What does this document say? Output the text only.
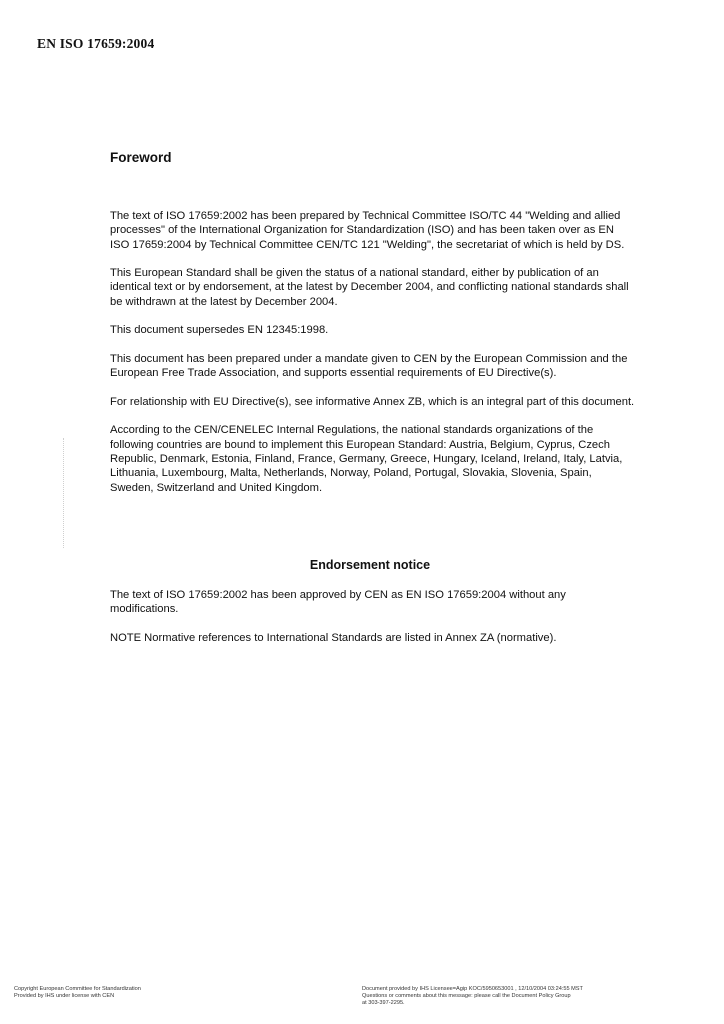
EN ISO 17659:2004
Foreword

The text of ISO 17659:2002 has been prepared by Technical Committee ISO/TC 44 "Welding and allied processes" of the International Organization for Standardization (ISO) and has been taken over as EN ISO 17659:2004 by Technical Committee CEN/TC 121 "Welding", the secretariat of which is held by DS.

This European Standard shall be given the status of a national standard, either by publication of an identical text or by endorsement, at the latest by December 2004, and conflicting national standards shall be withdrawn at the latest by December 2004.

This document supersedes EN 12345:1998.

This document has been prepared under a mandate given to CEN by the European Commission and the European Free Trade Association, and supports essential requirements of EU Directive(s).

For relationship with EU Directive(s), see informative Annex ZB, which is an integral part of this document.

According to the CEN/CENELEC Internal Regulations, the national standards organizations of the following countries are bound to implement this European Standard: Austria, Belgium, Cyprus, Czech Republic, Denmark, Estonia, Finland, France, Germany, Greece, Hungary, Iceland, Ireland, Italy, Latvia, Lithuania, Luxembourg, Malta, Netherlands, Norway, Poland, Portugal, Slovakia, Slovenia, Spain, Sweden, Switzerland and United Kingdom.

Endorsement notice

The text of ISO 17659:2002 has been approved by CEN as EN ISO 17659:2004 without any modifications.

NOTE Normative references to International Standards are listed in Annex ZA (normative).

Copyright European Committee for Standardization
Provided by IHS under license with CEN
Document provided by IHS Licensee=Agip KOC/5950653001 , 12/10/2004 03:24:55 MST
Questions or comments about this message: please call the Document Policy Group
at 303-397-2295.
